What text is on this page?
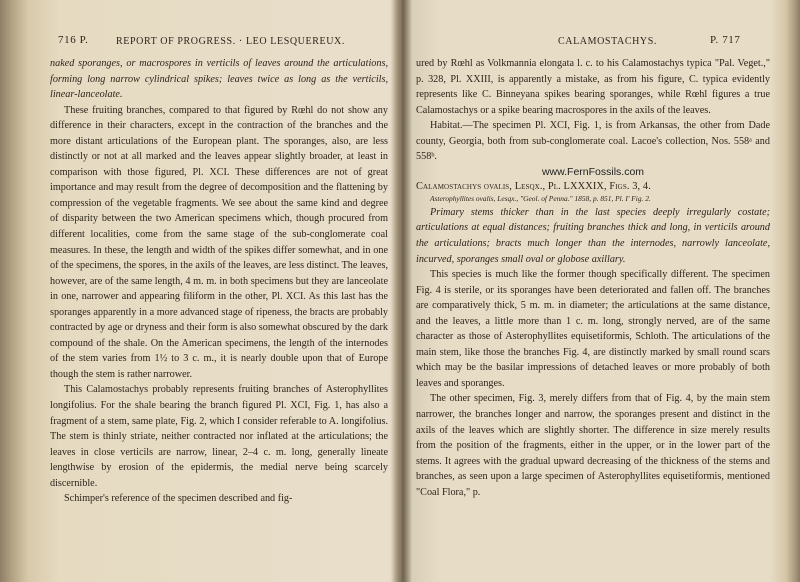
716 P.	REPORT OF PROGRESS. · LEO LESQUEREUX.

naked sporanges, or macrospores in verticils of leaves around the articulations, forming long narrow cylindrical spikes; leaves twice as long as the verticils, linear-lanceolate.

These fruiting branches, compared to that figured by Rœhl do not show any difference in their characters, except in the contraction of the branches and the more distant articulations of the European plant. The sporanges, also, are less distinctly or not at all marked and the leaves appear slightly broader, at least in comparison with those figured, Pl. XCI. These differences are not of great importance and may result from the degree of decomposition and the flattening by compression of the vegetable fragments. We see about the same kind and degree of disparity between the two American specimens which, though procured from different localities, come from the same stage of the sub-conglomerate coal measures. In these, the length and width of the spikes differ somewhat, and in one of the specimens, the spores, in the axils of the leaves, are less distinct. The leaves, however, are of the same length, 4 m. m. in both specimens but they are lanceolate in one, narrower and appearing filiform in the other, Pl. XCI. As this last has the sporanges apparently in a more advanced stage of ripeness, the bracts are probably contracted by age or dryness and their form is also somewhat obscured by the dark compound of the shale. On the American specimens, the length of the internodes of the stem varies from 1½ to 3 c. m., it is nearly double upon that of Europe though the stem is rather narrower.

This Calamostachys probably represents fruiting branches of Asterophyllites longifolius. For the shale bearing the branch figured Pl. XCI, Fig. 1, has also a fragment of a stem, same plate, Fig. 2, which I consider referable to A. longifolius. The stem is thinly striate, neither contracted nor inflated at the articulations; the leaves in close verticils are narrow, linear, 2–4 c. m. long, generally lineate lengthwise by erosion of the epidermis, the medial nerve being scarcely discernible.

Schimper's reference of the specimen described and fig-

CALAMOSTACHYS.	P. 717

ured by Rœhl as Volkmannia elongata l. c. to his Calamostachys typica "Pal. Veget.," p. 328, Pl. XXIII, is apparently a mistake, as from his figure, C. typica evidently represents like C. Binneyana spikes bearing sporanges, while Rœhl figures a true Calamostachys or a spike bearing macrospores in the axils of the leaves.

Habitat.—The specimen Pl. XCI, Fig. 1, is from Arkansas, the other from Dade county, Georgia, both from sub-conglomerate coal. Lacoe's collection, Nos. 558ᵃ and 558ᵇ.

www.FernFossils.com

Calamostachys ovalis, Lesqx., Pl. LXXXIX, Figs. 3, 4.

Asterophyllites ovalis, Lesqx., "Geol. of Penna." 1858, p. 851, Pl. I' Fig. 2.

Primary stems thicker than in the last species deeply irregularly costate; articulations at equal distances; fruiting branches thick and long, in verticils around the articulations; bracts much longer than the internodes, narrowly lanceolate, incurved, sporanges small oval or globose axillary.

This species is much like the former though specifically different. The specimen Fig. 4 is sterile, or its sporanges have been deteriorated and fallen off. The branches are comparatively thick, 5 m. m. in diameter; the articulations at the same distance, and the leaves, a little more than 1 c. m. long, strongly nerved, are of the same character as those of Asterophyllites equisetiformis, Schloth. The articulations of the main stem, like those the branches Fig. 4, are distinctly marked by small round scars which may be the basilar impressions of detached leaves or more probably of both leaves and sporanges.

The other specimen, Fig. 3, merely differs from that of Fig. 4, by the main stem narrower, the branches longer and narrow, the sporanges present and distinct in the axils of the leaves which are slightly shorter. The difference in size merely results from the position of the fragments, either in the upper, or in the lower part of the stems. It agrees with the gradual upward decreasing of the thickness of the stems and branches, as seen upon a large specimen of Asterophyllites equisetiformis, mentioned "Coal Flora," p.
